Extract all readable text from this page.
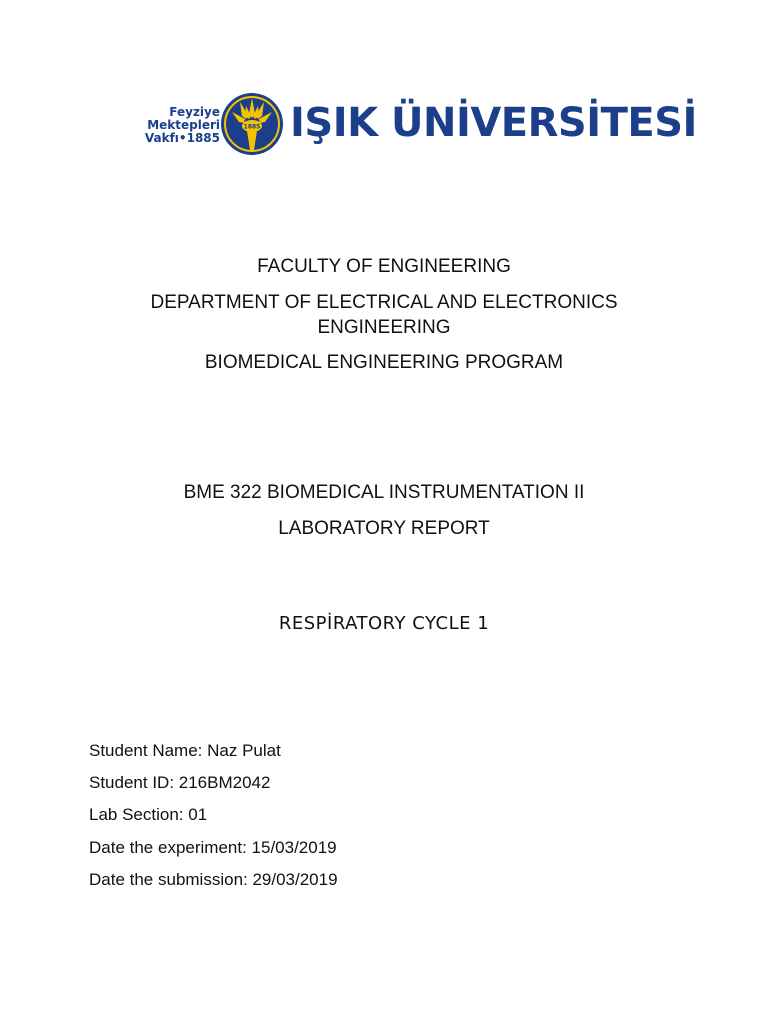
Feyziye
Mektepleri
Vakfı•1885
1885 IŞIK ÜNİVERSİTESİ
FACULTY OF ENGINEERING
DEPARTMENT OF ELECTRICAL AND ELECTRONICS
ENGINEERING
BIOMEDICAL ENGINEERING PROGRAM
BME 322 BIOMEDICAL INSTRUMENTATION II
LABORATORY REPORT
RESPİRATORY CYCLE 1
Student Name: Naz Pulat
Student ID: 216BM2042
Lab Section: 01
Date the experiment: 15/03/2019
Date the submission: 29/03/2019
